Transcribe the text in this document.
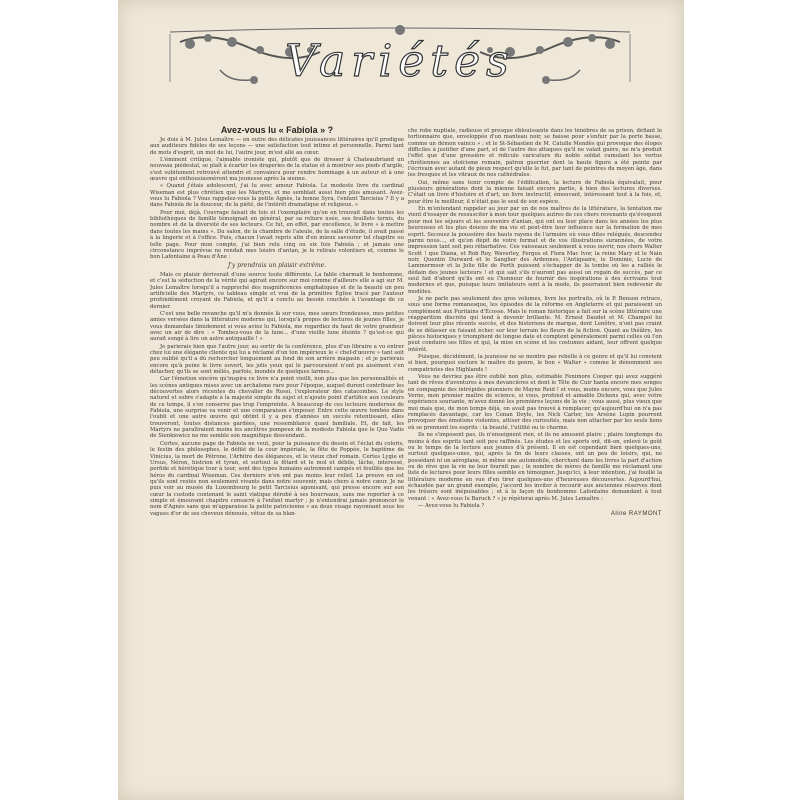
Variétés

Avez-vous lu « Fabiola » ?

Je dois à M. Jules Lemaître — en outre des délicates jouissances littéraires qu'il prodigue aux auditeurs fidèles de ses leçons — une satisfaction tout intime et personnelle. Parmi tant de mots d'esprit, un mot de lui, l'autre jour, m'est allé au cœur.

L'éminent critique, l'aimable ironiste qui, plutôt que de dresser à Chateaubriand un nouveau piédestal, se plaît à écarter les draperies de la statue et à montrer ses pieds d'argile, s'est subitement retrouvé attendri et convaincu pour rendre hommage à un auteur et à une œuvre qui enthousiasmèrent ma jeunesse après la sienne.

« Quand j'étais adolescent, j'ai lu avec amour Fabiola. Le modeste livre du cardinal Wiseman est plus chrétien que les Martyrs, et me semblait aussi bien plus amusant. Avez-vous lu Fabiola ? Vous rappelez-vous la petite Agnès, la bonne Syra, l'enfant Tarcisius ? Il y a dans Fabiola de la douceur, de la piété, de l'intérêt dramatique et religieux. »

Pour moi, déjà, l'ouvrage faisait de lois et l'exemplaire qu'on en trouvait dans toutes les bibliothèques de famille témoignait en général, par sa reliure usée, ses feuillets ternis, du nombre et de la diversité de ses lecteurs. Ce fut, en effet, par excellence, le livre « à mettre dans toutes les mains ». Du salon, de la chambre de l'aïeule, de la salle d'étude, il avait passé à la lingerie et à l'office. Puis, chacun l'avait repris afin d'en mieux savourer tel chapitre ou telle page. Pour mon compte, j'ai bien relu cinq ou six fois Fabiola ; et jamais une circonstance imprévue ne rendait mes loisirs d'antan, je le relirais volontiers et, comme le bon Lafontaine à Peau d'Âne :

J'y prendrais un plaisir extrême.

Mais ce plaisir dériverait d'une source toute différente. La fable charmait le bonhomme, et c'est la séduction de la vérité qui agirait encore sur moi comme d'ailleurs elle a agi sur M. Jules Lemaître lorsqu'il a rapproché des magnificences emphatiques et de la beauté un peu artificielle des Martyrs, ce tableau simple et vrai de la primitive Église tracé par l'auteur profondément croyant de Fabiola, et qu'il a conclu au besoin couchée à l'avantage de ce dernier.

C'est une belle revanche qu'il m'a donnée là sur vous, mes sœurs frondeuses, mes petites amies versées dans la littérature moderne qui, lorsqu'à propos de lectures de jeunes filles, je vous demandais timidement si vous aviez lu Fabiola, me regardiez du haut de votre grandeur avec un air de dire : « Tombez-vous de la lune… d'une vieille lune éteinte ? qu'est-ce qui aurait songé à lire un autre antiquaille ! »

Je parierais bien que l'autre jour, au sortir de la conférence, plus d'un libraire a vu entrer chez lui une élégante cliente qui lui a réclamé d'un ton impérieux le « chef-d'œuvre » tant soit peu oublié qu'il a dû rechercher longuement au fond de son arrière magasin ; et je parierais encore qu'à peine le livre ouvert, les jolis yeux qui le parcouraient n'ont pu aisément s'en détacher, qu'ils se sont mêlés, parfois, inondés de quelques larmes…

Car l'émotion sincère qu'inspira ce livre n'a point vieilli, non plus que les personnalités et les scènes antiques mises avec un archaïsme rare pour l'époque, auquel durent contribuer les découvertes alors récentes du chevalier de Rossi, l'explorateur des catacombes. Le style naturel et sobre s'adapte à la majesté simple du sujet et n'ajoute point d'artifice aux couleurs de ce temps, il s'en conserve pas trop l'empreinte. À beaucoup de ces lecteurs modernes de Fabiola, une surprise va venir et une comparaison s'imposer. Entre cette œuvre tombée dans l'oubli et une autre œuvre qui obtint il y a peu d'années un succès retentissant, elles trouveront, toutes distances gardées, une ressemblance quasi familiale. Et, de fait, les Martyrs ne paraîtraient moins les ancêtres pompeux de la modeste Fabiola que le Quo Vadis de Sienkiewicz ne me semble son magnifique descendant.

Certes, aucune page de Fabiola ne veut, pour la puissance du dessin et l'éclat du coloris, le festin des philosophes, le défilé de la cour impériale, la fête de Poppée, le baptême de Vinicius, la mort de Pétrone, l'Arbitre des élégances, et le vieux chef romain. Certes Lygie et Ursus, Néron, histrion et tyran, et surtout le fêtard et le mol et débile, lâche, intéressé, perfide et hérétique tour à tour, sont des types humains autrement campés et fouillés que les héros du cardinal Wiseman. Ces derniers n'en ont pas moins leur relief. La preuve en est qu'ils sont restés non seulement vivants dans notre souvenir, mais chers à notre cœur. Je ne puis voir au musée du Luxembourg le petit Tarcisius agonisant, qui presse encore sur son cœur la custode contenant le saint viatique dérobé à ses bourreaux, sans me reporter à ce simple et émouvant chapitre consacré à l'enfant martyr ; je n'entendrai jamais prononcer le nom d'Agnès sans que m'apparaisse la petite patricienne « au doux visage rayonnant sous les vagues d'or de ses cheveux dénoués, vêtue de sa blan-

che robe nuptiale, radieuse et presque éblouissante dans les ténèbres de sa prison, défiant le tortionnaire que, enveloppée d'un manteau noir, se baisse pour s'enfuir par la porte basse, comme un démon vaincu » ; et le St-Sébastien de M. Catulle Mendès qui provoque des éloges difficiles à justifier d'une part, et de l'autre des attaques qu'il ne valait guère, ne m'a produit l'effet que d'une grossière et ridicule caricature du noble soldat cumulant les vertus chrétiennes au stoïcisme romain, patron guerrier dont la haute figure a été peinte par l'écrivain avec autant de pieux respect qu'elle le fut, par tant de peintres du moyen âge, dans les fresques et les vitraux de nos cathédrales.

Oui, même sans tenir compte de l'édification, la lecture de Fabiola équivalait, pour plusieurs générations dont la mienne faisait encore partie, à bien des lectures diverses. C'était un livre d'histoire et d'art, un livre instructif, émouvant, intéressant tout à la fois, et, pour être le meilleur, il n'était pas le seul de son espèce.

En m'entendant rappeler au jour par un de nos maîtres de la littérature, la tentation me vient d'essayer de ressusciter à mon tour quelques autres de ces chers revenants qu'évoquent pour moi les séjours et les souvenirs d'antan, qui ont eu leur place dans les années les plus heureuses et les plus douces de ma vie et peut-être leur influence sur la formation de mes esprit. Secouez la poussière des hauts rayons de l'armoire où vous dites relégués, descendez parmi nous…, et qu'on dépit de votre format et de vos illustrations surannées, de votre impression tant soit peu rébarbative. Ces vaisseaux seulement à vous ouvrir, nos chers Walter Scott ! que Diana, et Rob Roy, Waverley, Fergus et Flora Mac Ivor, la reine Mary et le Nain noir, Quentin Durward et le Sanglier des Ardennes, l'Antiquaire, le Dominie, Lucie de Lammermoor et la Jolie fille de Perth puissent s'échapper de la tombe où les a ralliés le dédain des jeunes lecteurs ! et qui sait s'ils n'auront pas aussi un regain de succès, par ce seul fait d'abord qu'ils ont eu l'honneur de fournir des inspirations à des écrivains tout modernes et que, puisque leurs imitateurs sont à la mode, ils pourraient bien redevenir de modèles.

Je ne parle pas seulement des gros volumes, livre les portraits, où le P. Benson retrace, sous une forme romanesque, les épisodes de la réforme en Angleterre et qui paraissent un complément aux Puritains d'Écosse. Mais le roman historique a fait sur la scène littéraire une réapparition discrète qui tend à devenir brillante. M. Ernest Daudet et M. Champol lui doivent leur plus récents succès, et des historiens de marque, dont Lenôtre, n'ont pas craint de se délasser en faisant échec sur leur terrain les fleurs de la fiction. Quant au théâtre, les pièces historiques y triomphent de longue date et comptent généralement parmi celles où l'on peut conduire ses filles et qui, la mise en scène et les costumes aidant, leur offrent quelque intérêt.

Puisque, décidément, la jeunesse ne se montre pas rebelle à ce genre et qu'il lui convient si bien, pourquoi exclure le maître du genre, le bon « Walter » comme le dénomment ses compatriotes des Highlands !

Vous ne devriez pas être oublié non plus, estimable Fenimore Cooper qui avez suggéré tant de rêves d'aventures à mes devancières et dont le Tête de Cuir hanta encore mes songes en compagnie des intrépides pionniers de Mayne Reid ! et vous, moins encore, vous que Jules Verne, mon premier maître de science, si vous, profond et aimable Dickens qui, avec votre expérience souriante, m'avez donné les premières leçons de la vie ; vous aussi, plus vieux que moi mais que, de mon temps déjà, on avait pas trouvé à remplacer, qu'aujourd'hui on n'a pas remplacés davantage, car les Conan Doyle, les Nick Carter, les Arsène Lupin pourront provoquer des émotions violentes, attiser des curiosités, mais non attacher par les seuls liens où se prennent les esprits : la beauté, l'utilité ou le charme.

Ils ne s'imposent pas, ils n'enseignent rien, et ils ne amusent plaire ; plaire longtemps du moins à des esprits tant soit peu raffinés. Les études et les sports ont, dit-on, enlevé le goût ou le temps de la lecture aux jeunes d'à présent. Il en est cependant bien quelques-uns, surtout quelques-unes, qui, après la fin de leurs classes, ont un peu de loisirs, qui, ne possédant ni un aéroplane, ni même une automobile, cherchent dans les livres la part d'action ou de rêve que la vie ne leur fournit pas ; le nombre de mères de famille me réclamant une liste de lectures pour leurs filles semble en témoigner. Jusqu'ici, à leur intention, j'ai fouillé la littérature moderne en vue d'en tirer quelques-uns d'heureuses découvertes. Aujourd'hui, échaudée par un grand exemple, j'accord les inviter à recourir aux anciennes réserves dont les trésors sont inépuisables ; et à la façon du bonhomme Lafontaine demandant à tout venant : « Avez-vous lu Baruch ? » je répèterai après M. Jules Lemaître :

— Avez-vous lu Fabiola ?

Aline RAYMONT
